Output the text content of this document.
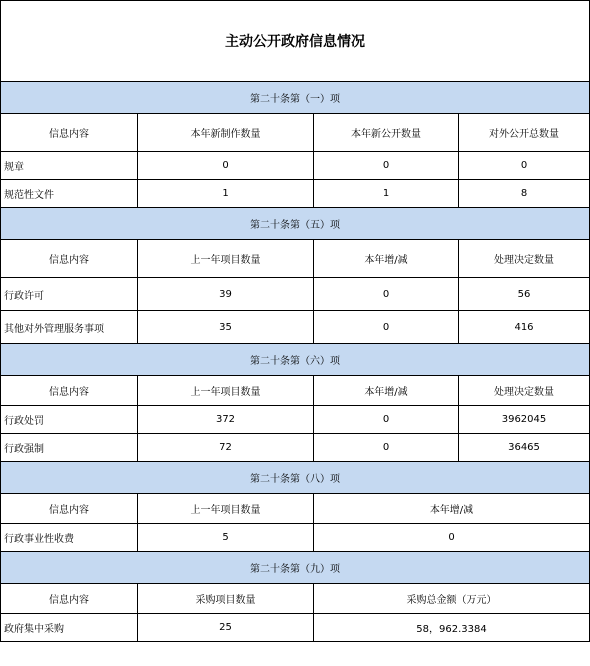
主动公开政府信息情况			
第二十条第（一）项			
信息内容	本年新制作数量	本年新公开数量	对外公开总数量
规章	0	0	0
规范性文件	1	1	8
第二十条第（五）项			
信息内容	上一年项目数量	本年增/减	处理决定数量
行政许可	39	0	56
其他对外管理服务事项	35	0	416
第二十条第（六）项			
信息内容	上一年项目数量	本年增/减	处理决定数量
行政处罚	372	0	3962045
行政强制	72	0	36465
第二十条第（八）项			
信息内容	上一年项目数量	本年增/减	
行政事业性收费	5	0	
第二十条第（九）项			
信息内容	采购项目数量	采购总金额（万元）	
政府集中采购	25	58，962.3384	
